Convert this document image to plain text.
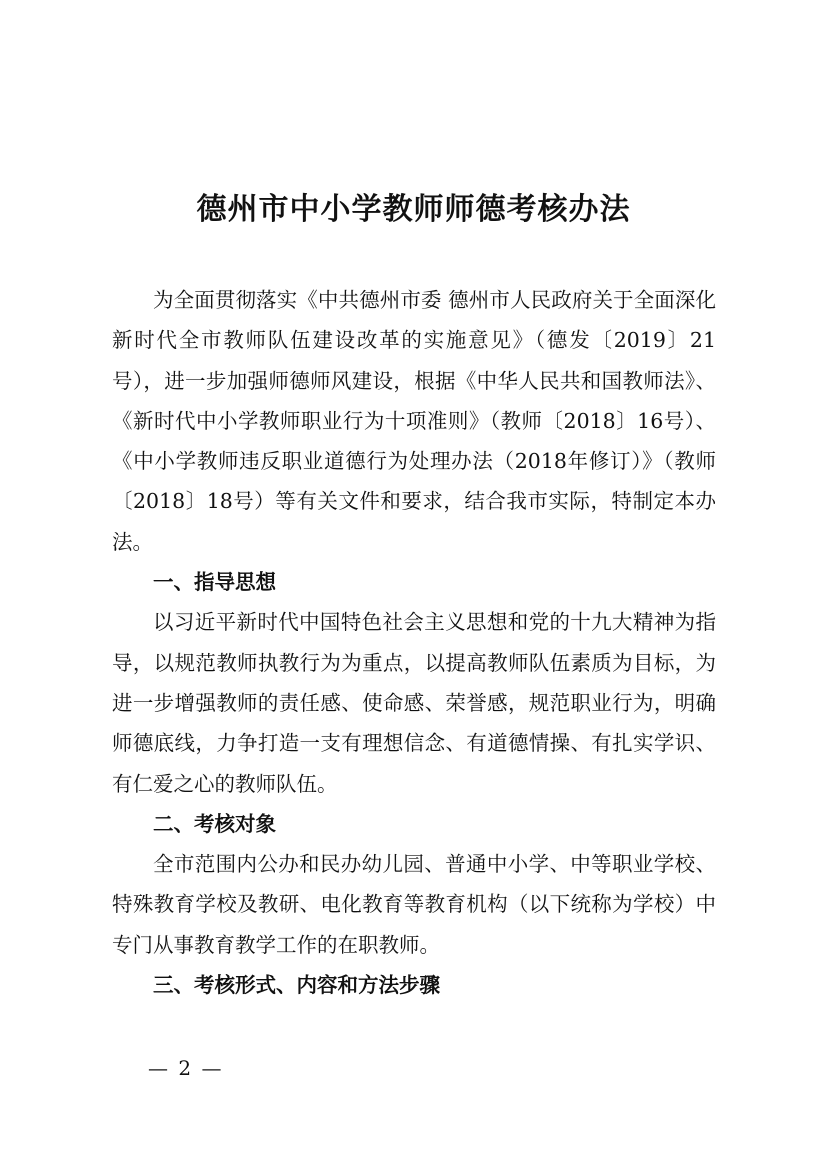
德州市中小学教师师德考核办法

为全面贯彻落实《中共德州市委 德州市人民政府关于全面深化新时代全市教师队伍建设改革的实施意见》（德发〔2019〕21号），进一步加强师德师风建设，根据《中华人民共和国教师法》、《新时代中小学教师职业行为十项准则》（教师〔2018〕16号）、《中小学教师违反职业道德行为处理办法（2018年修订）》（教师〔2018〕18号）等有关文件和要求，结合我市实际，特制定本办法。

一、指导思想

以习近平新时代中国特色社会主义思想和党的十九大精神为指导，以规范教师执教行为为重点，以提高教师队伍素质为目标，为进一步增强教师的责任感、使命感、荣誉感，规范职业行为，明确师德底线，力争打造一支有理想信念、有道德情操、有扎实学识、有仁爱之心的教师队伍。

二、考核对象

全市范围内公办和民办幼儿园、普通中小学、中等职业学校、特殊教育学校及教研、电化教育等教育机构（以下统称为学校）中专门从事教育教学工作的在职教师。

三、考核形式、内容和方法步骤
— 2 —
